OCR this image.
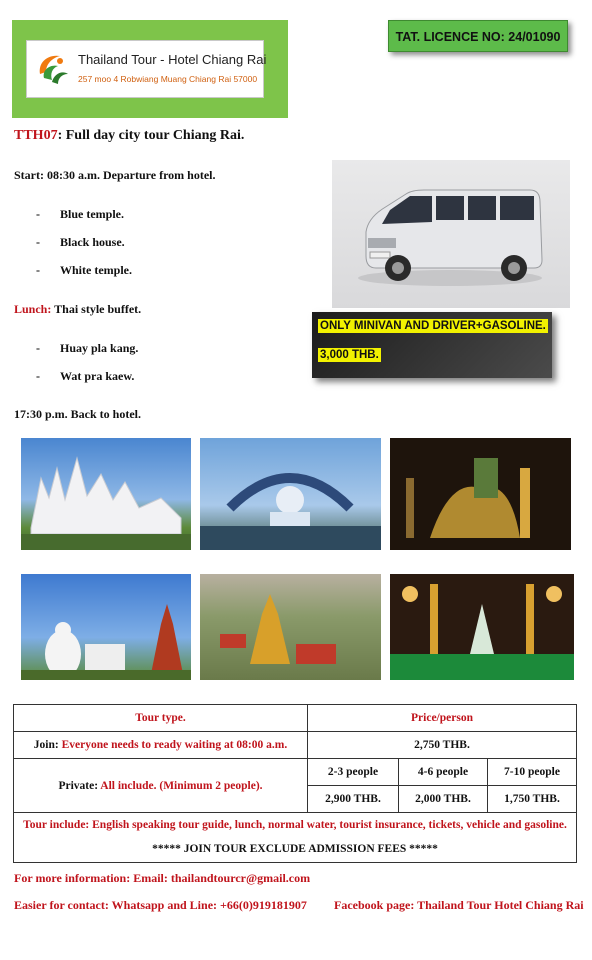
Thailand Tour - Hotel Chiang Rai
257 moo 4 Robwiang Muang Chiang Rai 57000
TAT. LICENCE NO: 24/01090
TTH07: Full day city tour Chiang Rai.
Start: 08:30 a.m. Departure from hotel.
- Blue temple.
- Black house.
- White temple.
Lunch: Thai style buffet.
- Huay pla kang.
- Wat pra kaew.
17:30 p.m. Back to hotel.
ONLY MINIVAN AND DRIVER+GASOLINE.
3,000 THB.
Tour type.	Price/person		
Join: Everyone needs to ready waiting at 08:00 a.m.	2,750 THB.		
Private: All include. (Minimum 2 people).	2-3 people	4-6 people	7-10 people
	2,900 THB.	2,000 THB.	1,750 THB.

Tour include: English speaking tour guide, lunch, normal water, tourist insurance, tickets, vehicle and gasoline.
***** JOIN TOUR EXCLUDE ADMISSION FEES *****			
For more information: Email: thailandtourcr@gmail.com
Easier for contact: Whatsapp and Line: +66(0)919181907 Facebook page: Thailand Tour Hotel Chiang Rai
